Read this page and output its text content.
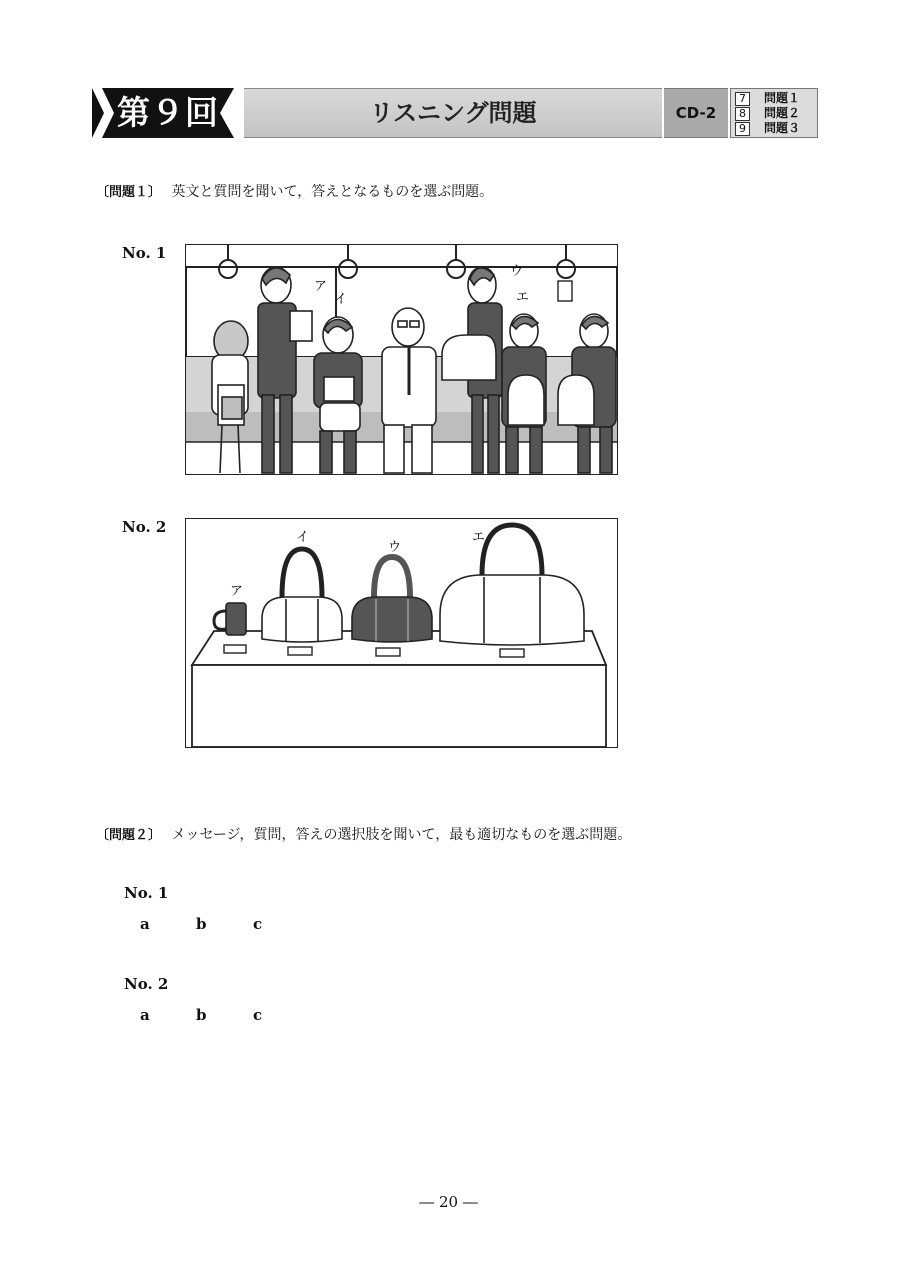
第９回	リスニング問題	CD-2
7 問題１
8 問題２
9 問題３
〔問題１〕 英文と質問を聞いて，答えとなるものを選ぶ問題。
No. 1
ア
イ
ウ
エ
No. 2
ア
イ
ウ
エ
〔問題２〕 メッセージ，質問，答えの選択肢を聞いて，最も適切なものを選ぶ問題。
No. 1
a	b	c
No. 2
a	b	c
― 20 ―
